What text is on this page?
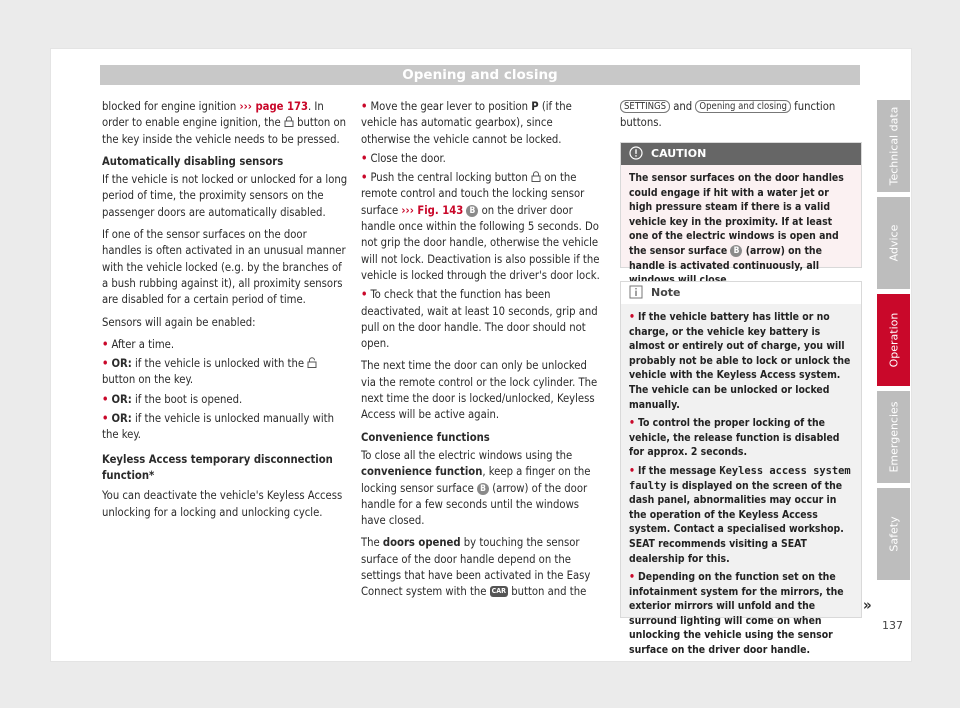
Opening and closing

blocked for engine ignition ››› page 173. In order to enable engine ignition, the  button on the key inside the vehicle needs to be pressed.

Automatically disabling sensors

If the vehicle is not locked or unlocked for a long period of time, the proximity sensors on the passenger doors are automatically disabled.

If one of the sensor surfaces on the door handles is often activated in an unusual manner with the vehicle locked (e.g. by the branches of a bush rubbing against it), all proximity sensors are disabled for a certain period of time.

Sensors will again be enabled:

• After a time.
• OR: if the vehicle is unlocked with the  button on the key.
• OR: if the boot is opened.
• OR: if the vehicle is unlocked manually with the key.

Keyless Access temporary disconnection function*

You can deactivate the vehicle's Keyless Access unlocking for a locking and unlocking cycle.

• Move the gear lever to position P (if the vehicle has automatic gearbox), since otherwise the vehicle cannot be locked.
• Close the door.
• Push the central locking button  on the remote control and touch the locking sensor surface ››› Fig. 143 B on the driver door handle once within the following 5 seconds. Do not grip the door handle, otherwise the vehicle will not lock. Deactivation is also possible if the vehicle is locked through the driver's door lock.
• To check that the function has been deactivated, wait at least 10 seconds, grip and pull on the door handle. The door should not open.

The next time the door can only be unlocked via the remote control or the lock cylinder. The next time the door is locked/unlocked, Keyless Access will be active again.

Convenience functions

To close all the electric windows using the convenience function, keep a finger on the locking sensor surface B (arrow) of the door handle for a few seconds until the windows have closed.

The doors opened by touching the sensor surface of the door handle depend on the settings that have been activated in the Easy Connect system with the CAR button and the

SETTINGS and Opening and closing function buttons.

CAUTION
The sensor surfaces on the door handles could engage if hit with a water jet or high pressure steam if there is a valid vehicle key in the proximity. If at least one of the electric windows is open and the sensor surface B (arrow) on the handle is activated continuously, all
Note

• If the vehicle battery has little or no charge, or the vehicle key battery is almost or entirely out of charge, you will probably not be able to lock or unlock the vehicle with the Keyless Access system. The vehicle can be unlocked or locked manually.

• To control the proper locking of the vehicle, the release function is disabled for approx. 2 seconds.

• If the message Keyless access system faulty is displayed on the screen of the dash panel, abnormalities may occur in the operation of the Keyless Access system. Contact a specialised workshop. SEAT recommends visiting a SEAT dealership for this.

• Depending on the function set on the infotainment system for the mirrors, the exterior mirrors will unfold and the surround lighting will come on when unlocking the vehicle using the sensor surface on the driver door handle.

»
Technical data
Advice
Operation
Emergencies
Safety
137
